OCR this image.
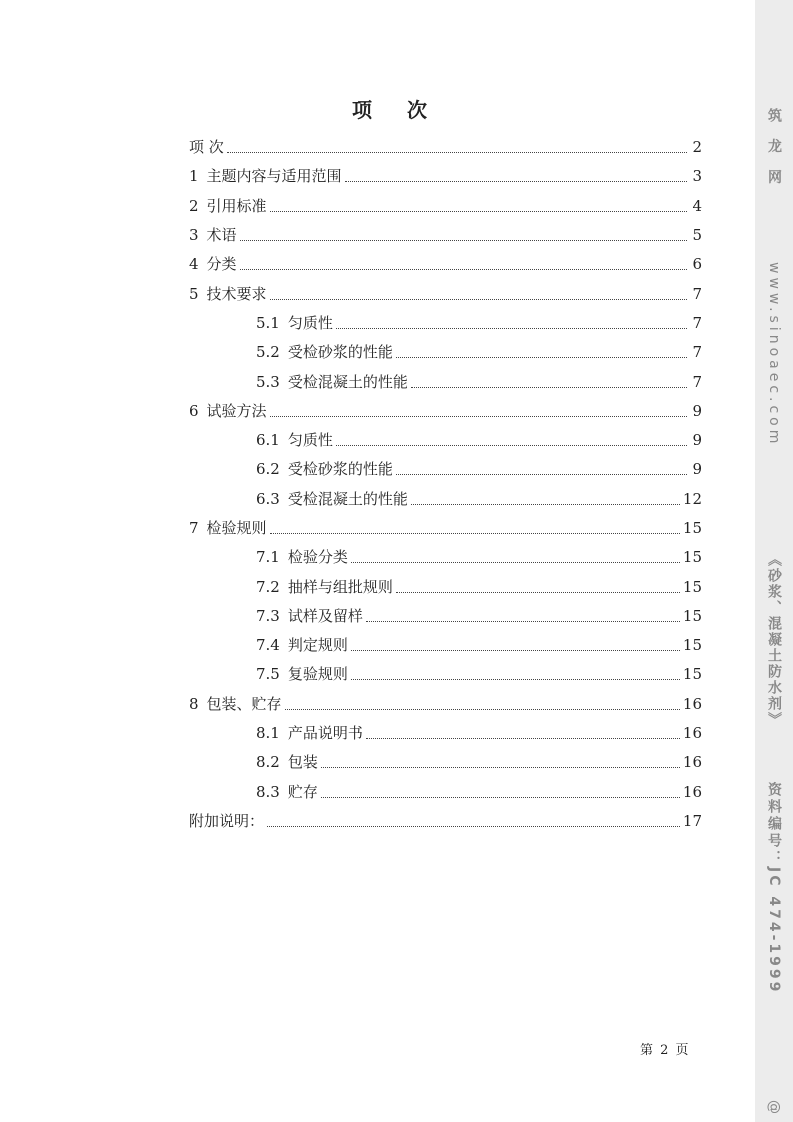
项 次
项 次	2
1 主题内容与适用范围	3
2 引用标准	4
3 术语	5
4 分类	6
5 技术要求	7
5.1 匀质性	7
5.2 受检砂浆的性能	7
5.3 受检混凝土的性能	7
6 试验方法	9
6.1 匀质性	9
6.2 受检砂浆的性能	9
6.3 受检混凝土的性能	12
7 检验规则	15
7.1 检验分类	15
7.2 抽样与组批规则	15
7.3 试样及留样	15
7.4 判定规则	15
7.5 复验规则	15
8 包装、贮存	16
8.1 产品说明书	16
8.2 包装	16
8.3 贮存	16
附加说明：	17
第 2 页
筑 龙 网
www.sinoaec.com
《砂浆、混凝土防水剂》
资料编号：JC 474-1999
@
